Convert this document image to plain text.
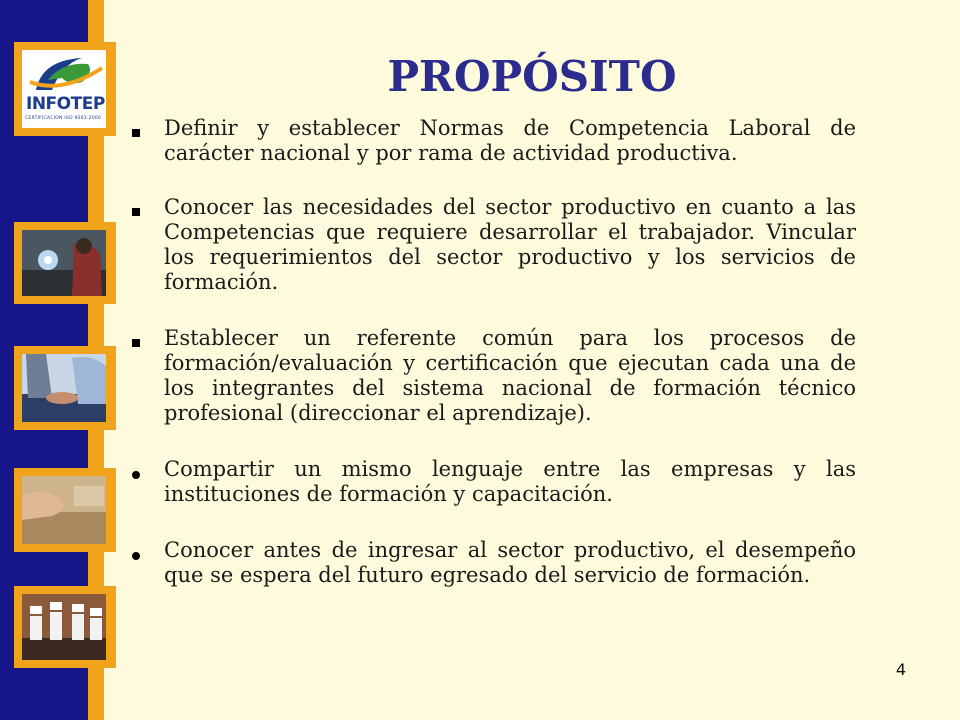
INFOTEP
CERTIFICACION ISO 9001:2000
PROPÓSITO
Definir y establecer Normas de Competencia Laboral de carácter nacional y por rama de actividad productiva.
Conocer las necesidades del sector productivo en cuanto a las Competencias que requiere desarrollar el trabajador. Vincular los requerimientos del sector productivo y los servicios de formación.
Establecer un referente común para los procesos de formación/evaluación y certificación que ejecutan cada una de los integrantes del sistema nacional de formación técnico profesional (direccionar el aprendizaje).
Compartir un mismo lenguaje entre las empresas y las instituciones de formación y capacitación.
Conocer antes de ingresar al sector productivo, el desempeño que se espera del futuro egresado del servicio de formación.
4
